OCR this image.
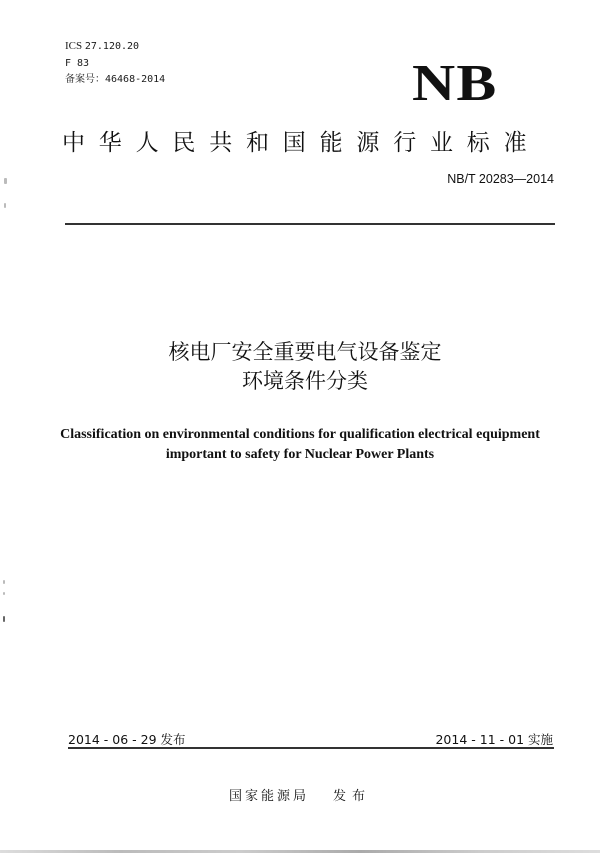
ICS 27.120.20
F 83
备案号：46468-2014	NB
中华人民共和国能源行业标准
NB/T 20283—2014
核电厂安全重要电气设备鉴定
环境条件分类
Classification on environmental conditions for qualification electrical equipment
important to safety for Nuclear Power Plants
2014 - 06 - 29 发布	2014 - 11 - 01 实施
国家能源局 发布
